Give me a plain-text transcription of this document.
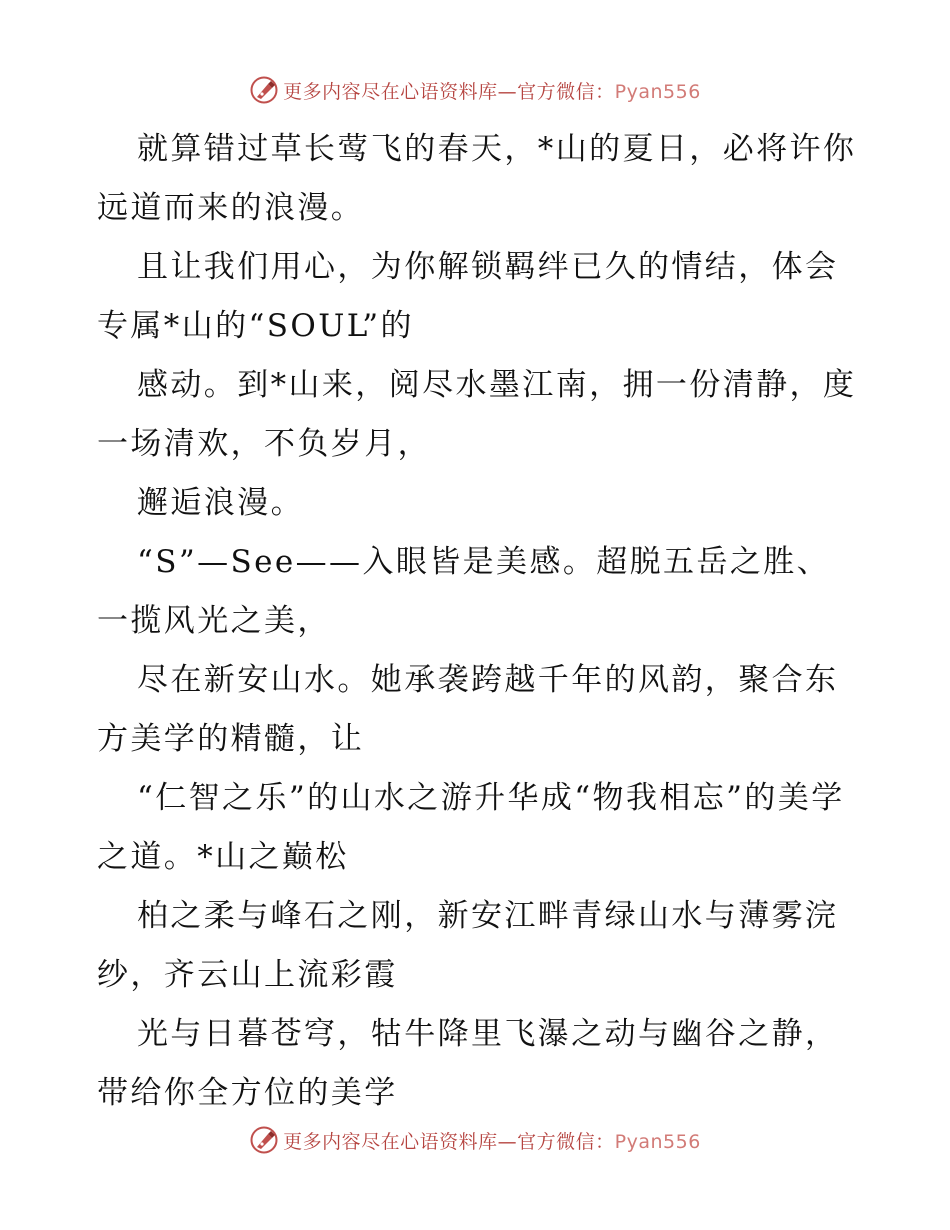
更多内容尽在心语资料库—官方微信：Pyan556

就算错过草长莺飞的春天，*山的夏日，必将许你远道而来的浪漫。

且让我们用心，为你解锁羁绊已久的情结，体会专属*山的“SOUL”的

感动。到*山来，阅尽水墨江南，拥一份清静，度一场清欢，不负岁月，

邂逅浪漫。

“S”—See——入眼皆是美感。超脱五岳之胜、一揽风光之美，

尽在新安山水。她承袭跨越千年的风韵，聚合东方美学的精髓，让

“仁智之乐”的山水之游升华成“物我相忘”的美学之道。*山之巅松

柏之柔与峰石之刚，新安江畔青绿山水与薄雾浣纱，齐云山上流彩霞

光与日暮苍穹，牯牛降里飞瀑之动与幽谷之静，带给你全方位的美学

更多内容尽在心语资料库—官方微信：Pyan556
